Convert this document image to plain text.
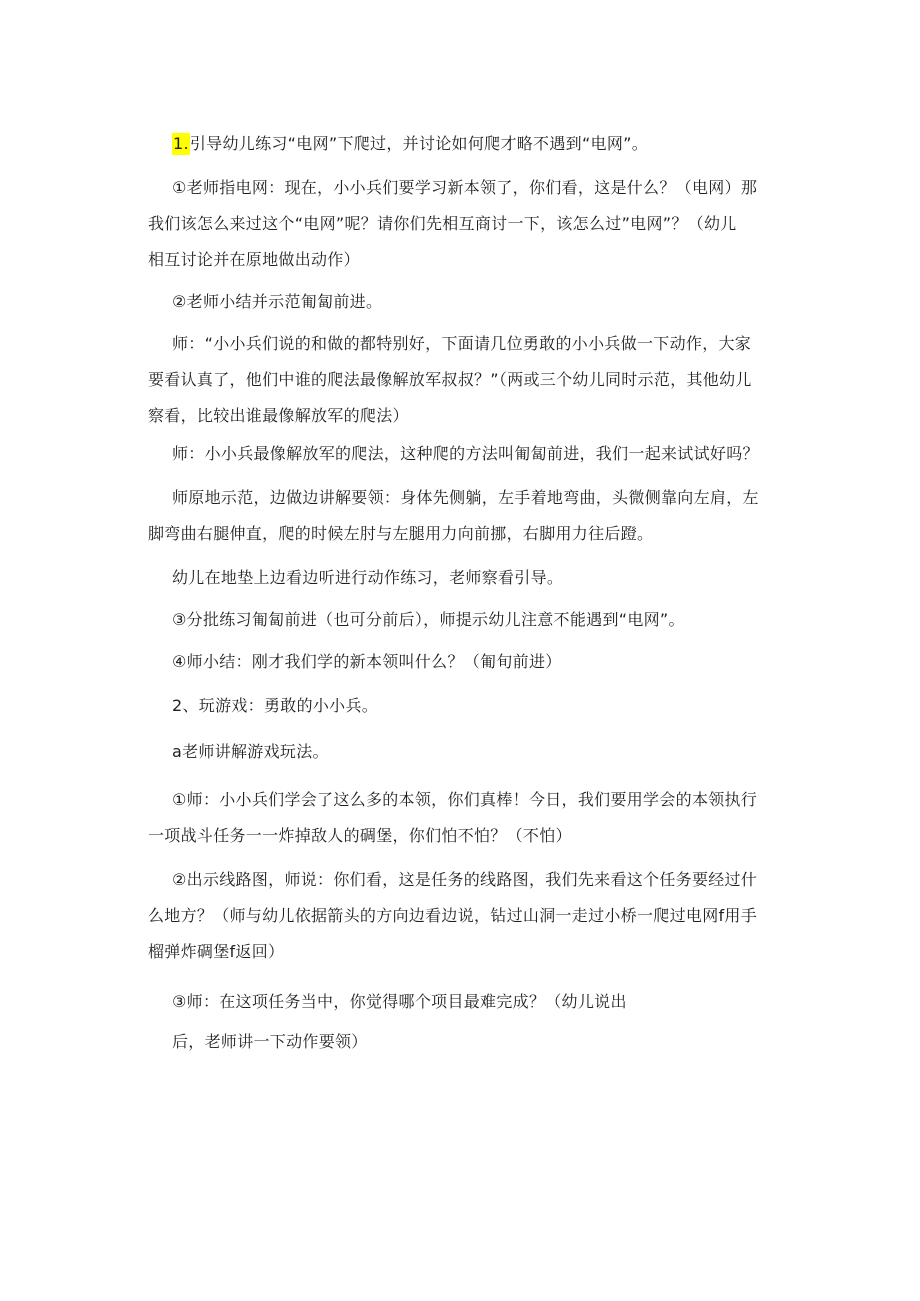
1.引导幼儿练习“电网”下爬过，并讨论如何爬才略不遇到“电网”。
①老师指电网：现在，小小兵们要学习新本领了，你们看，这是什么？（电网）那
我们该怎么来过这个“电网”呢？请你们先相互商讨一下，该怎么过”电网”？（幼儿
相互讨论并在原地做出动作）
②老师小结并示范匍匐前进。
师：“小小兵们说的和做的都特别好，下面请几位勇敢的小小兵做一下动作，大家
要看认真了，他们中谁的爬法最像解放军叔叔？”（两或三个幼儿同时示范，其他幼儿
察看，比较出谁最像解放军的爬法）
师：小小兵最像解放军的爬法，这种爬的方法叫匍匐前进，我们一起来试试好吗？
师原地示范，边做边讲解要领：身体先侧躺，左手着地弯曲，头微侧靠向左肩，左
脚弯曲右腿伸直，爬的时候左肘与左腿用力向前挪，右脚用力往后蹬。
幼儿在地垫上边看边听进行动作练习，老师察看引导。
③分批练习匍匐前进（也可分前后），师提示幼儿注意不能遇到“电网”。
④师小结：刚才我们学的新本领叫什么？（匍旬前进）
2、玩游戏：勇敢的小小兵。
a老师讲解游戏玩法。
①师：小小兵们学会了这么多的本领，你们真棒！今日，我们要用学会的本领执行
一项战斗任务一一炸掉敌人的碉堡，你们怕不怕？（不怕）
②出示线路图，师说：你们看，这是任务的线路图，我们先来看这个任务要经过什
么地方？（师与幼儿依据箭头的方向边看边说，钻过山洞一走过小桥一爬过电网f用手
榴弹炸碉堡f返回）
③师：在这项任务当中，你觉得哪个项目最难完成？（幼儿说出
后，老师讲一下动作要领）
